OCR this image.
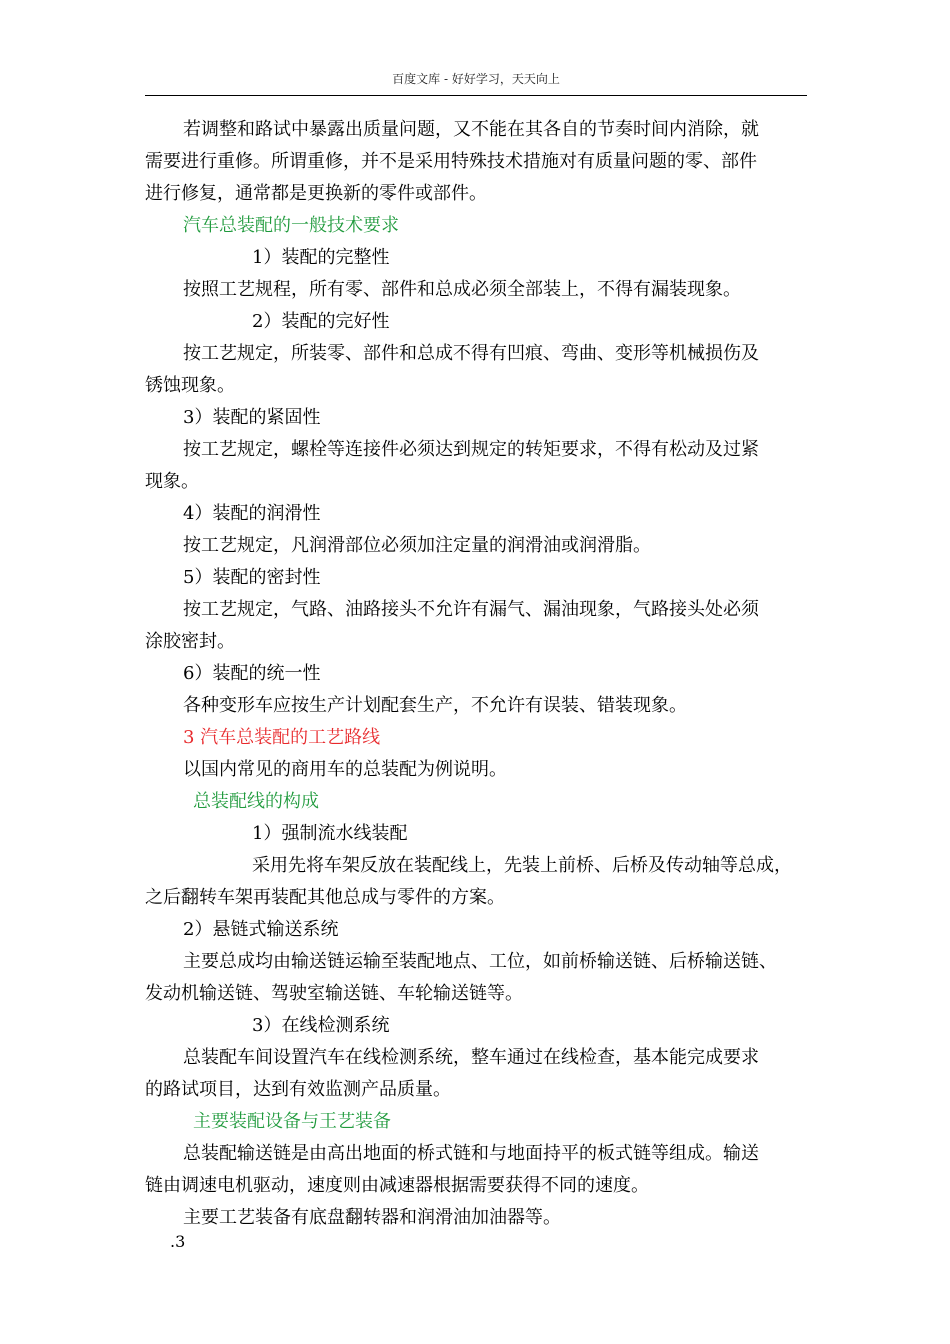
百度文库 - 好好学习，天天向上

若调整和路试中暴露出质量问题，又不能在其各自的节奏时间内消除，就

需要进行重修。所谓重修，并不是采用特殊技术措施对有质量问题的零、部件

进行修复，通常都是更换新的零件或部件。

汽车总装配的一般技术要求

1）装配的完整性

按照工艺规程，所有零、部件和总成必须全部装上，不得有漏装现象。

2）装配的完好性

按工艺规定，所装零、部件和总成不得有凹痕、弯曲、变形等机械损伤及

锈蚀现象。

3）装配的紧固性

按工艺规定，螺栓等连接件必须达到规定的转矩要求，不得有松动及过紧

现象。

4）装配的润滑性

按工艺规定，凡润滑部位必须加注定量的润滑油或润滑脂。

5）装配的密封性

按工艺规定，气路、油路接头不允许有漏气、漏油现象，气路接头处必须

涂胶密封。

6）装配的统一性

各种变形车应按生产计划配套生产，不允许有误装、错装现象。

3 汽车总装配的工艺路线

以国内常见的商用车的总装配为例说明。

总装配线的构成

1）强制流水线装配

采用先将车架反放在装配线上，先装上前桥、后桥及传动轴等总成，

之后翻转车架再装配其他总成与零件的方案。

2）悬链式输送系统

主要总成均由输送链运输至装配地点、工位，如前桥输送链、后桥输送链、

发动机输送链、驾驶室输送链、车轮输送链等。

3）在线检测系统

总装配车间设置汽车在线检测系统，整车通过在线检查，基本能完成要求

的路试项目，达到有效监测产品质量。

主要装配设备与王艺装备

总装配输送链是由高出地面的桥式链和与地面持平的板式链等组成。输送

链由调速电机驱动，速度则由减速器根据需要获得不同的速度。

主要工艺装备有底盘翻转器和润滑油加油器等。

.3
